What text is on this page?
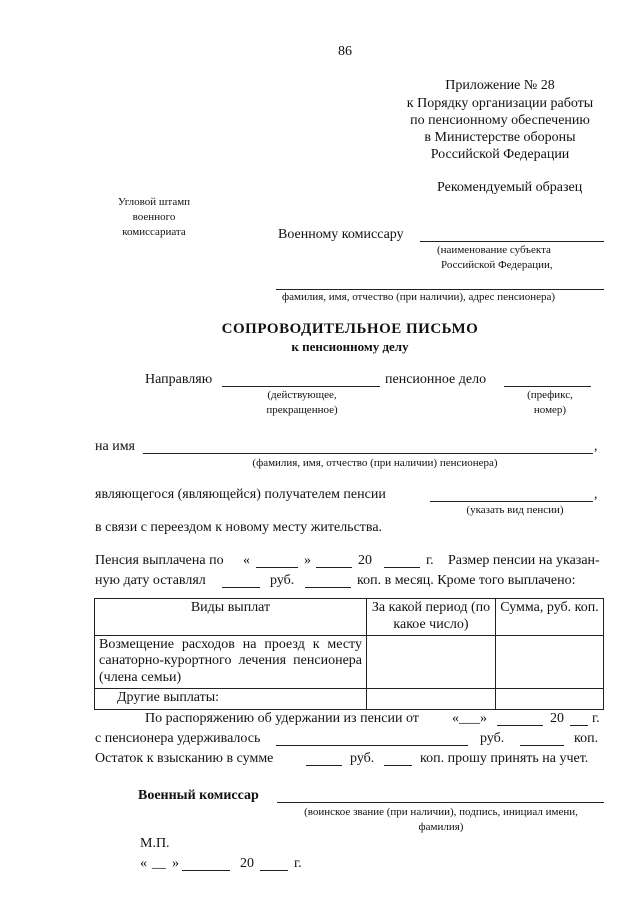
86
Приложение № 28
к Порядку организации работы
по пенсионному обеспечению
в Министерстве обороны
Российской Федерации
Рекомендуемый образец
Угловой штамп
военного
комиссариата	Военному комиссару
(наименование субъекта
Российской Федерации,
фамилия, имя, отчество (при наличии), адрес пенсионера)
СОПРОВОДИТЕЛЬНОЕ ПИСЬМО
к пенсионному делу
Направляю	пенсионное дело
(действующее,
прекращенное)
(префикс,
номер)
на имя	,
(фамилия, имя, отчество (при наличии) пенсионера)
являющегося (являющейся) получателем пенсии	,
(указать вид пенсии)
в связи с переездом к новому месту жительства.
Пенсия выплачена по «	»	20	г. Размер пенсии на указан-
ную дату оставлял	руб.	коп. в месяц. Кроме того выплачено:
Виды выплат	За какой период (по какое число)	Сумма, руб. коп.
Возмещение расходов на проезд к месту санаторно-курортного лечения пенсионера (члена семьи)		
Другие выплаты:		
По распоряжению об удержании из пенсии от «___»	20 г.
с пенсионера удерживалось	руб.	коп.
Остаток к взысканию в сумме	руб.	коп. прошу принять на учет.
Военный комиссар
(воинское звание (при наличии), подпись, инициал имени,
фамилия)
М.П.
« __ »	20	г.
